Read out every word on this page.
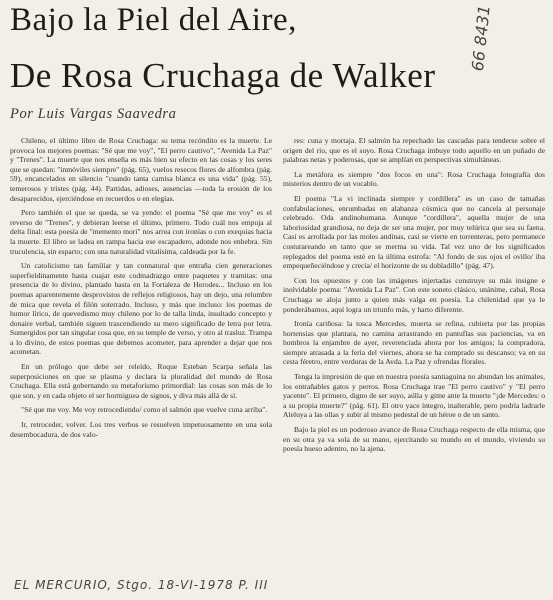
Bajo la Piel del Aire,
De Rosa Cruchaga de Walker
Por Luis Vargas Saavedra
66 8431

Chileno, el último libro de Rosa Cruchaga: su tema recóndito es la muerte. Le provoca los mejores poemas: "Sé que me voy", "El perro cautivo", "Avenida La Paz" y "Trenes". La muerte que nos enseña es más bien su efecto en las cosas y los seres que se quedan: "inmóviles siempre" (pág. 65), vuelos resecos flores de alfombra (pág. 59), encancelados en silencio "cuando tanta camisa blanca es una vida" (pág. 55), temerosos y tristes (pág. 44). Partidas, adioses, ausencias —toda la erosión de los desaparecidos, ejerciéndose en recuerdos o en elegías.

Pero también el que se queda, se va yendo: el poema "Sé que me voy" es el reverso de "Trenes", y debieran leerse el último, primero. Todo cuál nos empuja al delta final: esta poesía de "memento mori" nos arrea con ironías o con exequias hacia la muerte. El libro se ladea en rampa hacia ese escapadero, adonde nos enhebra. Sin truculencia, sin esparto; con una naturalidad vitalísima, caldeada por la fe.

Un catolicismo tan familiar y tan connatural que entraña cien generaciones superfieldinamente hasta cuajar este codmadrazgo entre paquetes y tramitas: una presencia de lo divino, plantado hasta en la Fortaleza de Herodes... Incluso en los poemas aparentemente desprovistos de reflejos religiosos, hay un dejo, una relumbre de mica que revela el filón soterrado. Incluso, y más que incluso: los poemas de humor lírico, de quevedismo muy chileno por lo de talla linda, insultado concepto y donaire verbal, también siguen trascendiendo su mero significado de letra por letra. Sumergidos por tan singular cosa que, en su temple de verso, y otro al trasluz. Trampa a lo divino, de estos poemas que debemos acometer, para aprender a dejar que nos acometan.

En un prólogo que debe ser releído, Roque Esteban Scarpa señala las superposiciones en que se plasma y declara la pluralidad del mundo de Rosa Cruchaga. Ella está gobernando su metaforismo primordial: las cosas son más de lo que son, y en cada objeto el ser hormiguea de signos, y diva más allá de sí.

"Sé que me voy. Me voy retrocediendo/ como el salmón que vuelve cuna arriba".

Ir, retroceder, volver. Los tres verbos se resuelven impetuosamente en una sola desembocadura, de dos valo-

res: cuna y mortaja. El salmón ha repechado las cascadas para tenderse sobre el origen del río, que es el suyo. Rosa Cruchaga imbuye todo aquello en un puñado de palabras netas y poderosas, que se amplían en perspectivas simultáneas.

La metáfora es siempre "dos focos en una": Rosa Cruchaga fotografía dos misterios dentro de un vocablo.

El poema "La vi inclinada siempre y cordillera" es un caso de tamañas confabulaciones, enrumbadas en alabanza cósmica que no cancela al personaje celebrado. Oda andinohumana. Aunque "cordillera", aquella mujer de una laboriosidad grandiosa, no deja de ser una mujer, por muy telúrica que sea su faena. Casi es arrollada por las moles andinas, casi se vierte en torrenteras, pero permanece costurareando en tanto que se merma su vida. Tal vez uno de los significados replegados del poema esté en la última estrofa: "Al fondo de sus ojos el ovillo/ iba empequeñeciéndose y crecía/ el horizonte de su dobladillo" (pág. 47).

Con los opuestos y con las imágenes injertadas construye su más insigne e inolvidable poema: "Avenida La Paz". Con este soneto clásico, unánime, cabal, Rosa Cruchaga se aloja junto a quien más valga en poesía. La chilenidad que ya le ponderábamos, aquí logra un triunfo más, y harto diferente.

Ironía cariñosa: la tosca Mercedes, muerta se refina, cubierta por las propias hortensias que plantara, no camina arrastrando en pantuflas sus paciencias, va en hombros la enjambre de ayer, reverenciada ahora por los amigos; la compradora, siempre atrasada a la feria del viernes, ahora se ha comprado su descanso; va en su cesta féretro, entre verduras de la Avda. La Paz y ofrendas florales.

Tenga la impresión de que en nuestra poesía santiaguina no abundan los animales, los entrañables gatos y perros. Rosa Cruchaga trae "El perro cautivo" y "El perro yacente". El primero, digno de ser suyo, aúlla y gime ante la muerte "¡de Mercedes: o a su propia muerte?" (pág. 61). El otro yace íntegro, inalterable, pero podría ladrarle Aleluya a las ollas y subir al mismo pedestal de un héroe o de un santo.

Bajo la piel es un poderoso avance de Rosa Cruchaga respecto de ella misma, que en su otra ya va sola de su mano, ejercitando su mundo en el mundo, viviendo su poesía hueso adentro, no la ajena.

EL MERCURIO, Stgo. 18-VI-1978 P. III
